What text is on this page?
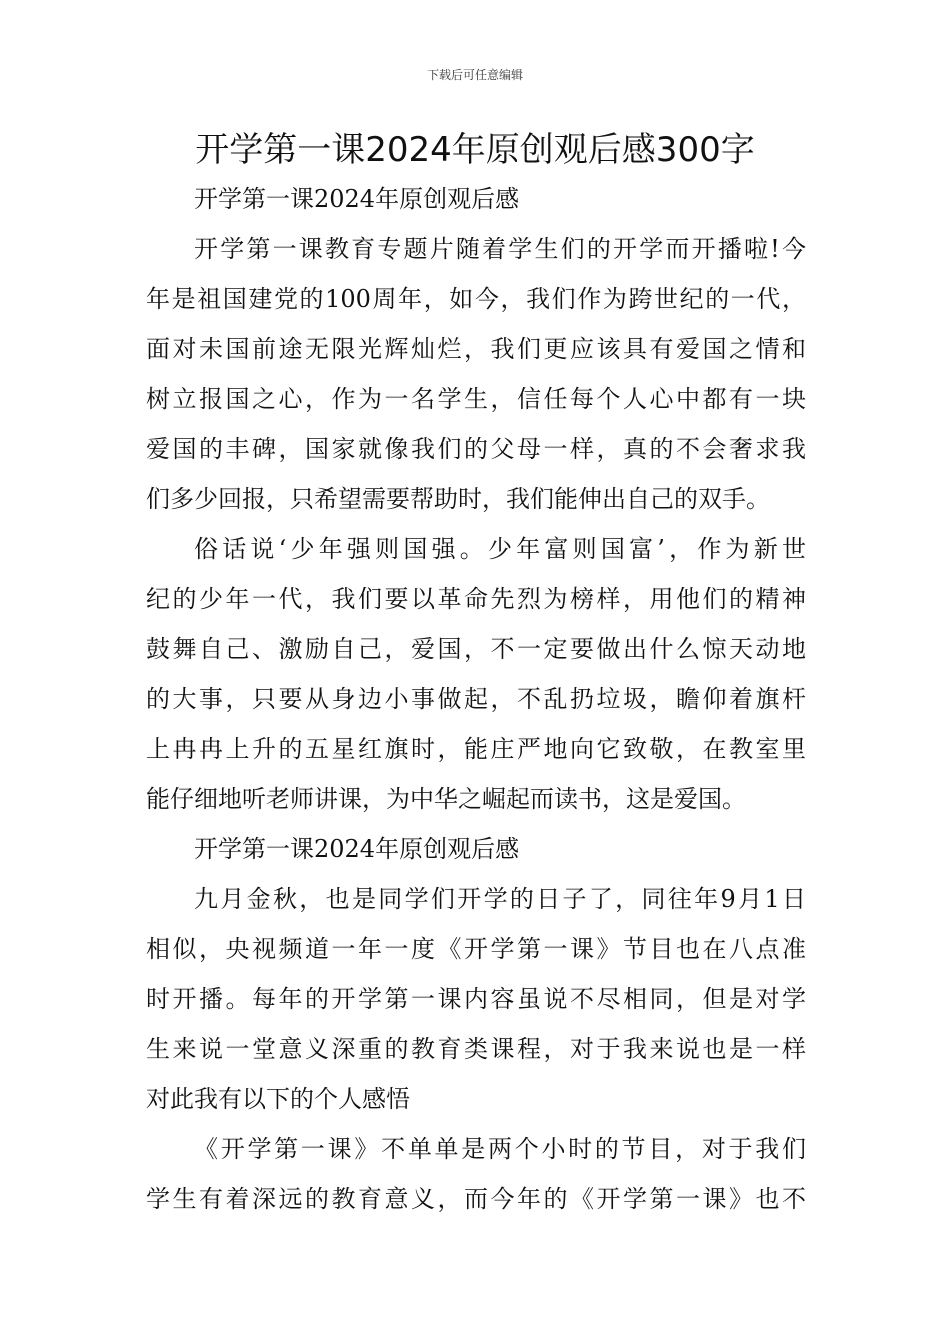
下载后可任意编辑
开学第一课2024年原创观后感300字
开学第一课2024年原创观后感
开学第一课教育专题片随着学生们的开学而开播啦!今
年是祖国建党的100周年，如今，我们作为跨世纪的一代，
面对未国前途无限光辉灿烂，我们更应该具有爱国之情和
树立报国之心，作为一名学生，信任每个人心中都有一块
爱国的丰碑，国家就像我们的父母一样，真的不会奢求我
们多少回报，只希望需要帮助时，我们能伸出自己的双手。
俗话说‘少年强则国强。少年富则国富’，作为新世
纪的少年一代，我们要以革命先烈为榜样，用他们的精神
鼓舞自己、激励自己，爱国，不一定要做出什么惊天动地
的大事，只要从身边小事做起，不乱扔垃圾，瞻仰着旗杆
上冉冉上升的五星红旗时，能庄严地向它致敬，在教室里
能仔细地听老师讲课，为中华之崛起而读书，这是爱国。
开学第一课2024年原创观后感
九月金秋，也是同学们开学的日子了，同往年9月1日
相似，央视频道一年一度《开学第一课》节目也在八点准
时开播。每年的开学第一课内容虽说不尽相同，但是对学
生来说一堂意义深重的教育类课程，对于我来说也是一样
对此我有以下的个人感悟
《开学第一课》不单单是两个小时的节目，对于我们
学生有着深远的教育意义，而今年的《开学第一课》也不
